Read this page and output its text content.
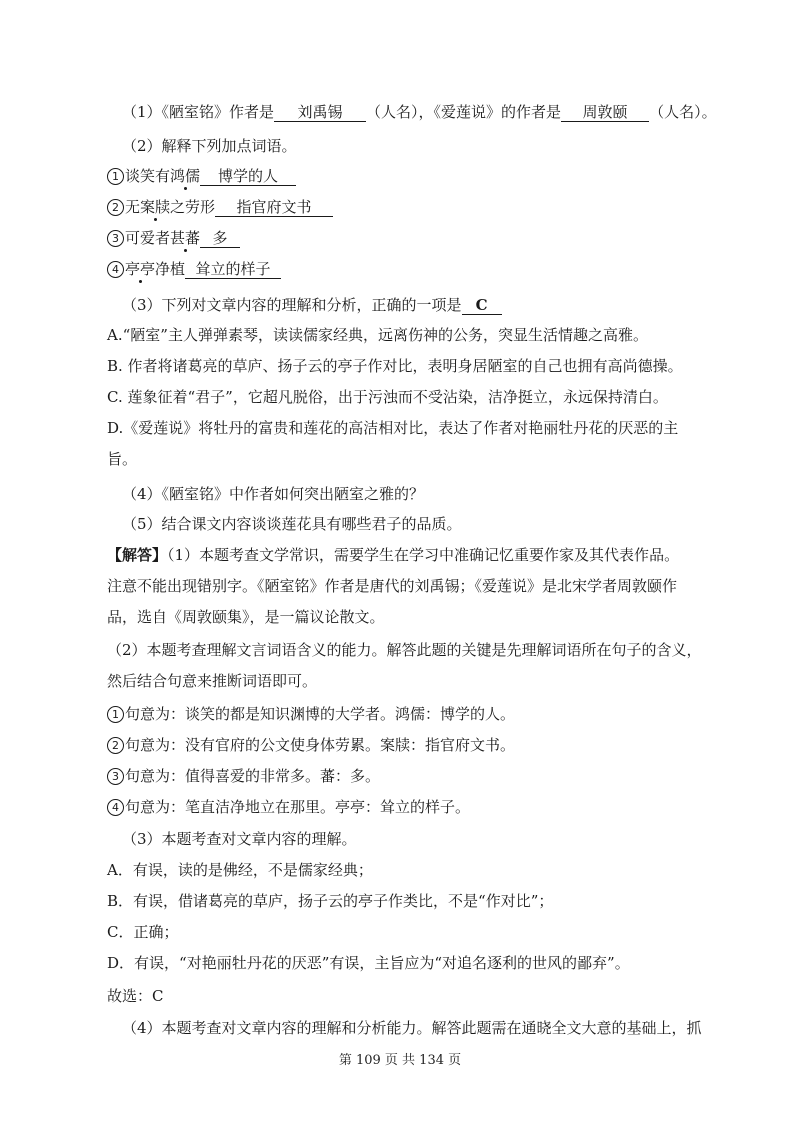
（1）《陋室铭》作者是 刘禹锡 （人名），《爱莲说》的作者是 周敦颐 （人名）。
（2）解释下列加点词语。
1 谈笑有鸿儒 博学的人
2 无案牍之劳形 指官府文书
3 可爱者甚蕃 多
4 亭亭净植 耸立的样子
（3）下列对文章内容的理解和分析，正确的一项是 C
A.“陋室”主人弹弹素琴，读读儒家经典，远离伤神的公务，突显生活情趣之高雅。
B. 作者将诸葛亮的草庐、扬子云的亭子作对比，表明身居陋室的自己也拥有高尚德操。
C. 莲象征着“君子”，它超凡脱俗，出于污浊而不受沾染，洁净挺立，永远保持清白。
D.《爱莲说》将牡丹的富贵和莲花的高洁相对比，表达了作者对艳丽牡丹花的厌恶的主
旨。
（4）《陋室铭》中作者如何突出陋室之雅的？
（5）结合课文内容谈谈莲花具有哪些君子的品质。
【解答】（1）本题考查文学常识，需要学生在学习中准确记忆重要作家及其代表作品。
注意不能出现错别字。《陋室铭》作者是唐代的刘禹锡；《爱莲说》是北宋学者周敦颐作
品，选自《周敦颐集》，是一篇议论散文。
（2）本题考查理解文言词语含义的能力。解答此题的关键是先理解词语所在句子的含义，
然后结合句意来推断词语即可。
1 句意为：谈笑的都是知识渊博的大学者。鸿儒：博学的人。
2 句意为：没有官府的公文使身体劳累。案牍：指官府文书。
3 句意为：值得喜爱的非常多。蕃：多。
4 句意为：笔直洁净地立在那里。亭亭：耸立的样子。
（3）本题考查对文章内容的理解。
A．有误，读的是佛经，不是儒家经典；
B．有误，借诸葛亮的草庐，扬子云的亭子作类比，不是“作对比”；
C．正确；
D．有误，“对艳丽牡丹花的厌恶”有误，主旨应为“对追名逐利的世风的鄙弃”。
故选：C
（4）本题考查对文章内容的理解和分析能力。解答此题需在通晓全文大意的基础上，抓
第 109 页 共 134 页
